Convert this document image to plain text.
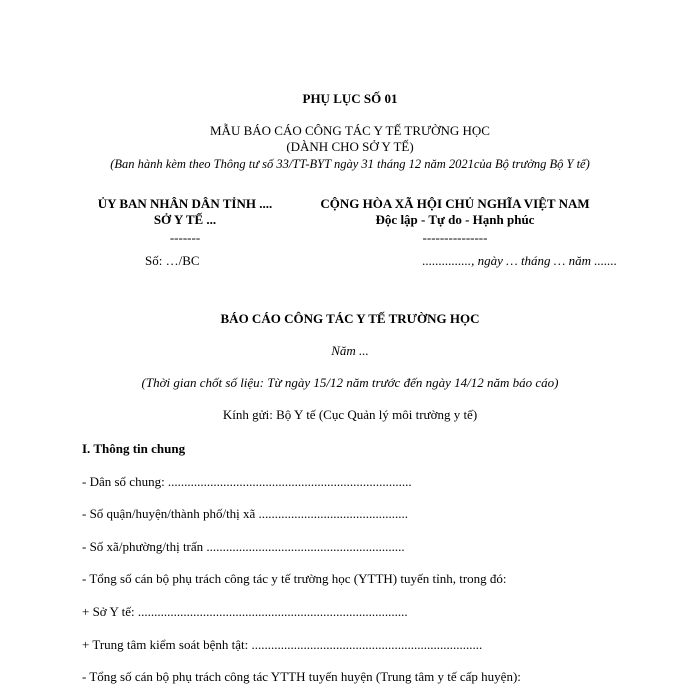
PHỤ LỤC SỐ 01
MẪU BÁO CÁO CÔNG TÁC Y TẾ TRƯỜNG HỌC
(DÀNH CHO SỞ Y TẾ)
(Ban hành kèm theo Thông tư số 33/TT-BYT ngày 31 tháng 12 năm 2021của Bộ trưởng Bộ Y tế)
ỦY BAN NHÂN DÂN TỈNH ....
SỞ Y TẾ ...
-------
CỘNG HÒA XÃ HỘI CHỦ NGHĨA VIỆT NAM
Độc lập - Tự do - Hạnh phúc
---------------
Số: …/BC	..............., ngày … tháng … năm .......
BÁO CÁO CÔNG TÁC Y TẾ TRƯỜNG HỌC
Năm ...
(Thời gian chốt số liệu: Từ ngày 15/12 năm trước đến ngày 14/12 năm báo cáo)
Kính gửi: Bộ Y tế (Cục Quản lý môi trường y tế)
I. Thông tin chung
- Dân số chung: ...........................................................................
- Số quận/huyện/thành phố/thị xã ..............................................
- Số xã/phường/thị trấn .............................................................
- Tổng số cán bộ phụ trách công tác y tế trường học (YTTH) tuyến tỉnh, trong đó:
+ Sở Y tế: ...................................................................................
+ Trung tâm kiểm soát bệnh tật: .......................................................................
- Tổng số cán bộ phụ trách công tác YTTH tuyến huyện (Trung tâm y tế cấp huyện):
